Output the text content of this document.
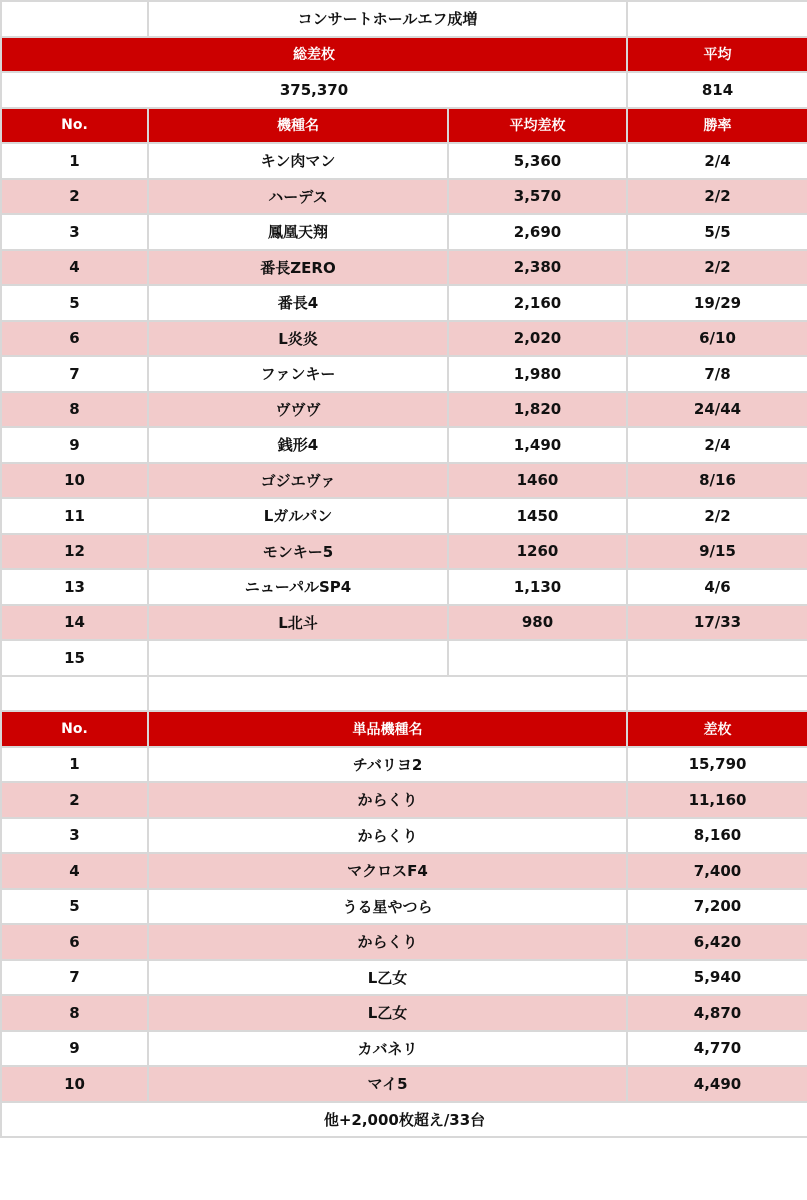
5/27	コンサートホールエフ成増		来店取材(赤)
総差枚			平均
375,370			814
No.	機種名	平均差枚	勝率
1	キン肉マン	5,360	2/4
2	ハーデス	3,570	2/2
3	鳳凰天翔	2,690	5/5
4	番長ZERO	2,380	2/2
5	番長4	2,160	19/29
6	L炎炎	2,020	6/10
7	ファンキー	1,980	7/8
8	ヴヴヴ	1,820	24/44
9	銭形4	1,490	2/4
10	ゴジエヴァ	1460	8/16
11	Lガルパン	1450	2/2
12	モンキー5	1260	9/15
13	ニューパルSP4	1,130	4/6
14	L北斗	980	17/33
15			

No.	単品機種名		差枚
1	チバリヨ2		15,790
2	からくり		11,160
3	からくり		8,160
4	マクロスF4		7,400
5	うる星やつら		7,200
6	からくり		6,420
7	L乙女		5,940
8	L乙女		4,870
9	カバネリ		4,770
10	マイ5		4,490
他+2,000枚超え/33台			
